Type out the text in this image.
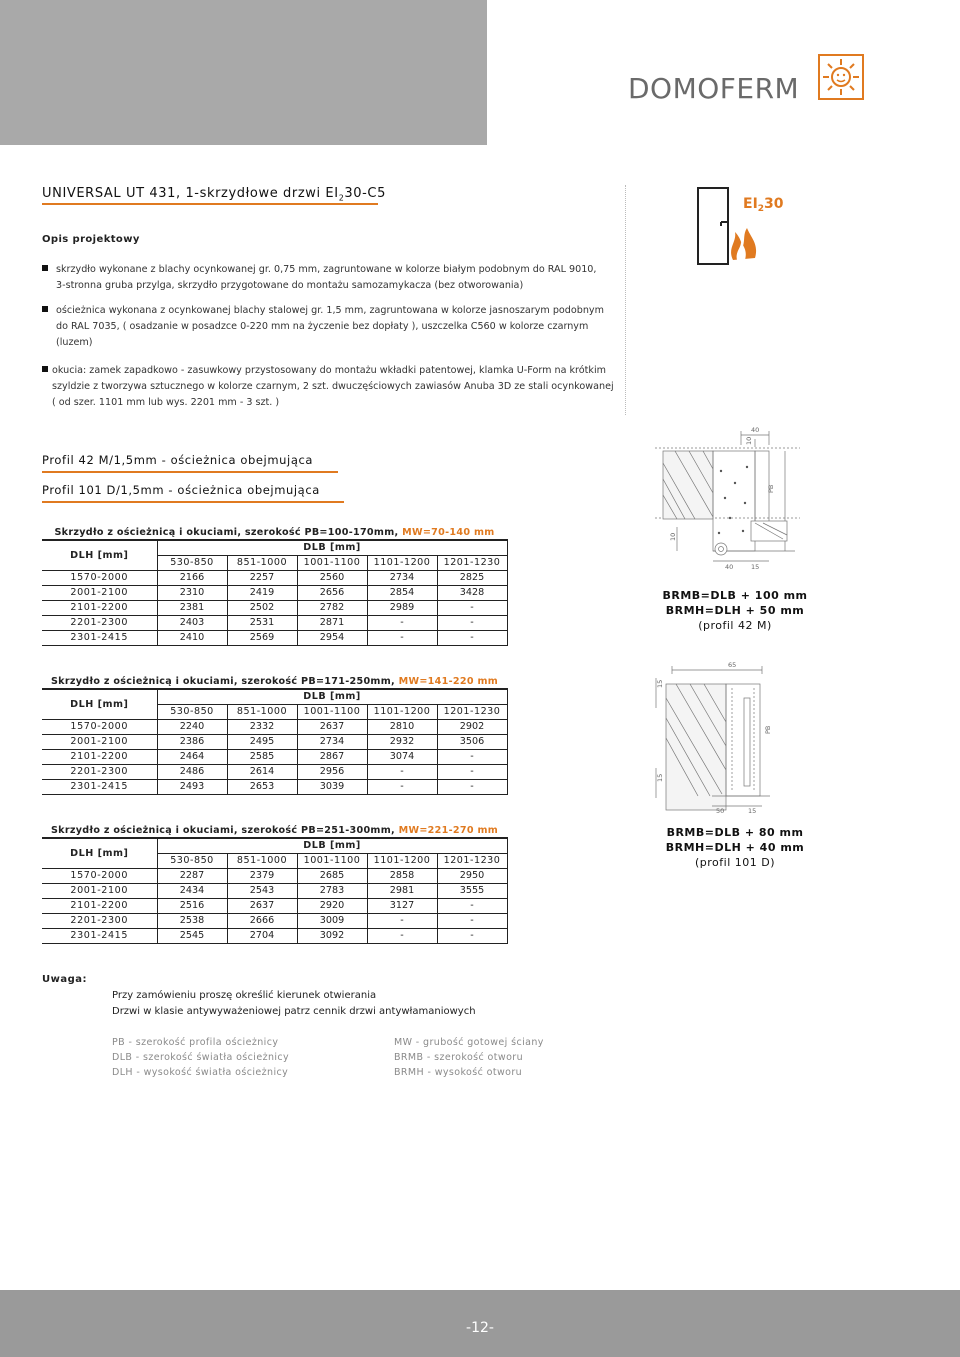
DOMOFERM
UNIVERSAL UT 431, 1-skrzydłowe drzwi $EI_230-C5$
Opis projektowy
$EI_230$
skrzydło wykonane z blachy ocynkowanej gr. 0,75 mm, zagruntowane w kolorze białym podobnym do RAL 9010,
3-stronna gruba przylga, skrzydło przygotowane do montażu samozamykacza (bez otworowania)
ościeżnica wykonana z ocynkowanej blachy stalowej gr. 1,5 mm, zagruntowana w kolorze jasnoszarym podobnym
do RAL 7035, ( osadzanie w posadzce 0-220 mm na życzenie bez dopłaty ), uszczelka C560 w kolorze czarnym
(luzem)
okucia: zamek zapadkowo - zasuwkowy przystosowany do montażu wkładki patentowej, klamka U-Form na krótkim
szyldzie z tworzywa sztucznego w kolorze czarnym, 2 szt. dwuczęściowych zawiasów Anuba 3D ze stali ocynkowanej
( od szer. 1101 mm lub wys. 2201 mm - 3 szt. )
Profil 42 M/1,5mm - ościeżnica obejmująca
Profil 101 D/1,5mm - ościeżnica obejmująca
Skrzydło z ościeżnicą i okuciami, szerokość PB=100-170mm, MW=70-140 mm					
DLH [mm]	DLB [mm]				
	530-850	851-1000	1001-1100	1101-1200	1201-1230
1570-2000	2166	2257	2560	2734	2825
2001-2100	2310	2419	2656	2854	3428
2101-2200	2381	2502	2782	2989	-
2201-2300	2403	2531	2871	-	-
2301-2415	2410	2569	2954	-	-
Skrzydło z ościeżnicą i okuciami, szerokość PB=171-250mm, MW=141-220 mm					
DLH [mm]	DLB [mm]				
	530-850	851-1000	1001-1100	1101-1200	1201-1230
1570-2000	2240	2332	2637	2810	2902
2001-2100	2386	2495	2734	2932	3506
2101-2200	2464	2585	2867	3074	-
2201-2300	2486	2614	2956	-	-
2301-2415	2493	2653	3039	-	-
Skrzydło z ościeżnicą i okuciami, szerokość PB=251-300mm, MW=221-270 mm					
DLH [mm]	DLB [mm]				
	530-850	851-1000	1001-1100	1101-1200	1201-1230
1570-2000	2287	2379	2685	2858	2950
2001-2100	2434	2543	2783	2981	3555
2101-2200	2516	2637	2920	3127	-
2201-2300	2538	2666	3009	-	-
2301-2415	2545	2704	3092	-	-
40
10
PB
10
40	15
BRMB=DLB + 100 mm
BRMH=DLH + 50 mm
(profil 42 M)
65
15
PB
15
50	15
BRMB=DLB + 80 mm
BRMH=DLH + 40 mm
(profil 101 D)
Uwaga:
Przy zamówieniu proszę określić kierunek otwierania
Drzwi w klasie antywyważeniowej patrz cennik drzwi antywłamaniowych
PB - szerokość profila ościeżnicy
DLB - szerokość światła ościeżnicy
DLH - wysokość światła ościeżnicy
MW - grubość gotowej ściany
BRMB - szerokość otworu
BRMH - wysokość otworu
-12-
